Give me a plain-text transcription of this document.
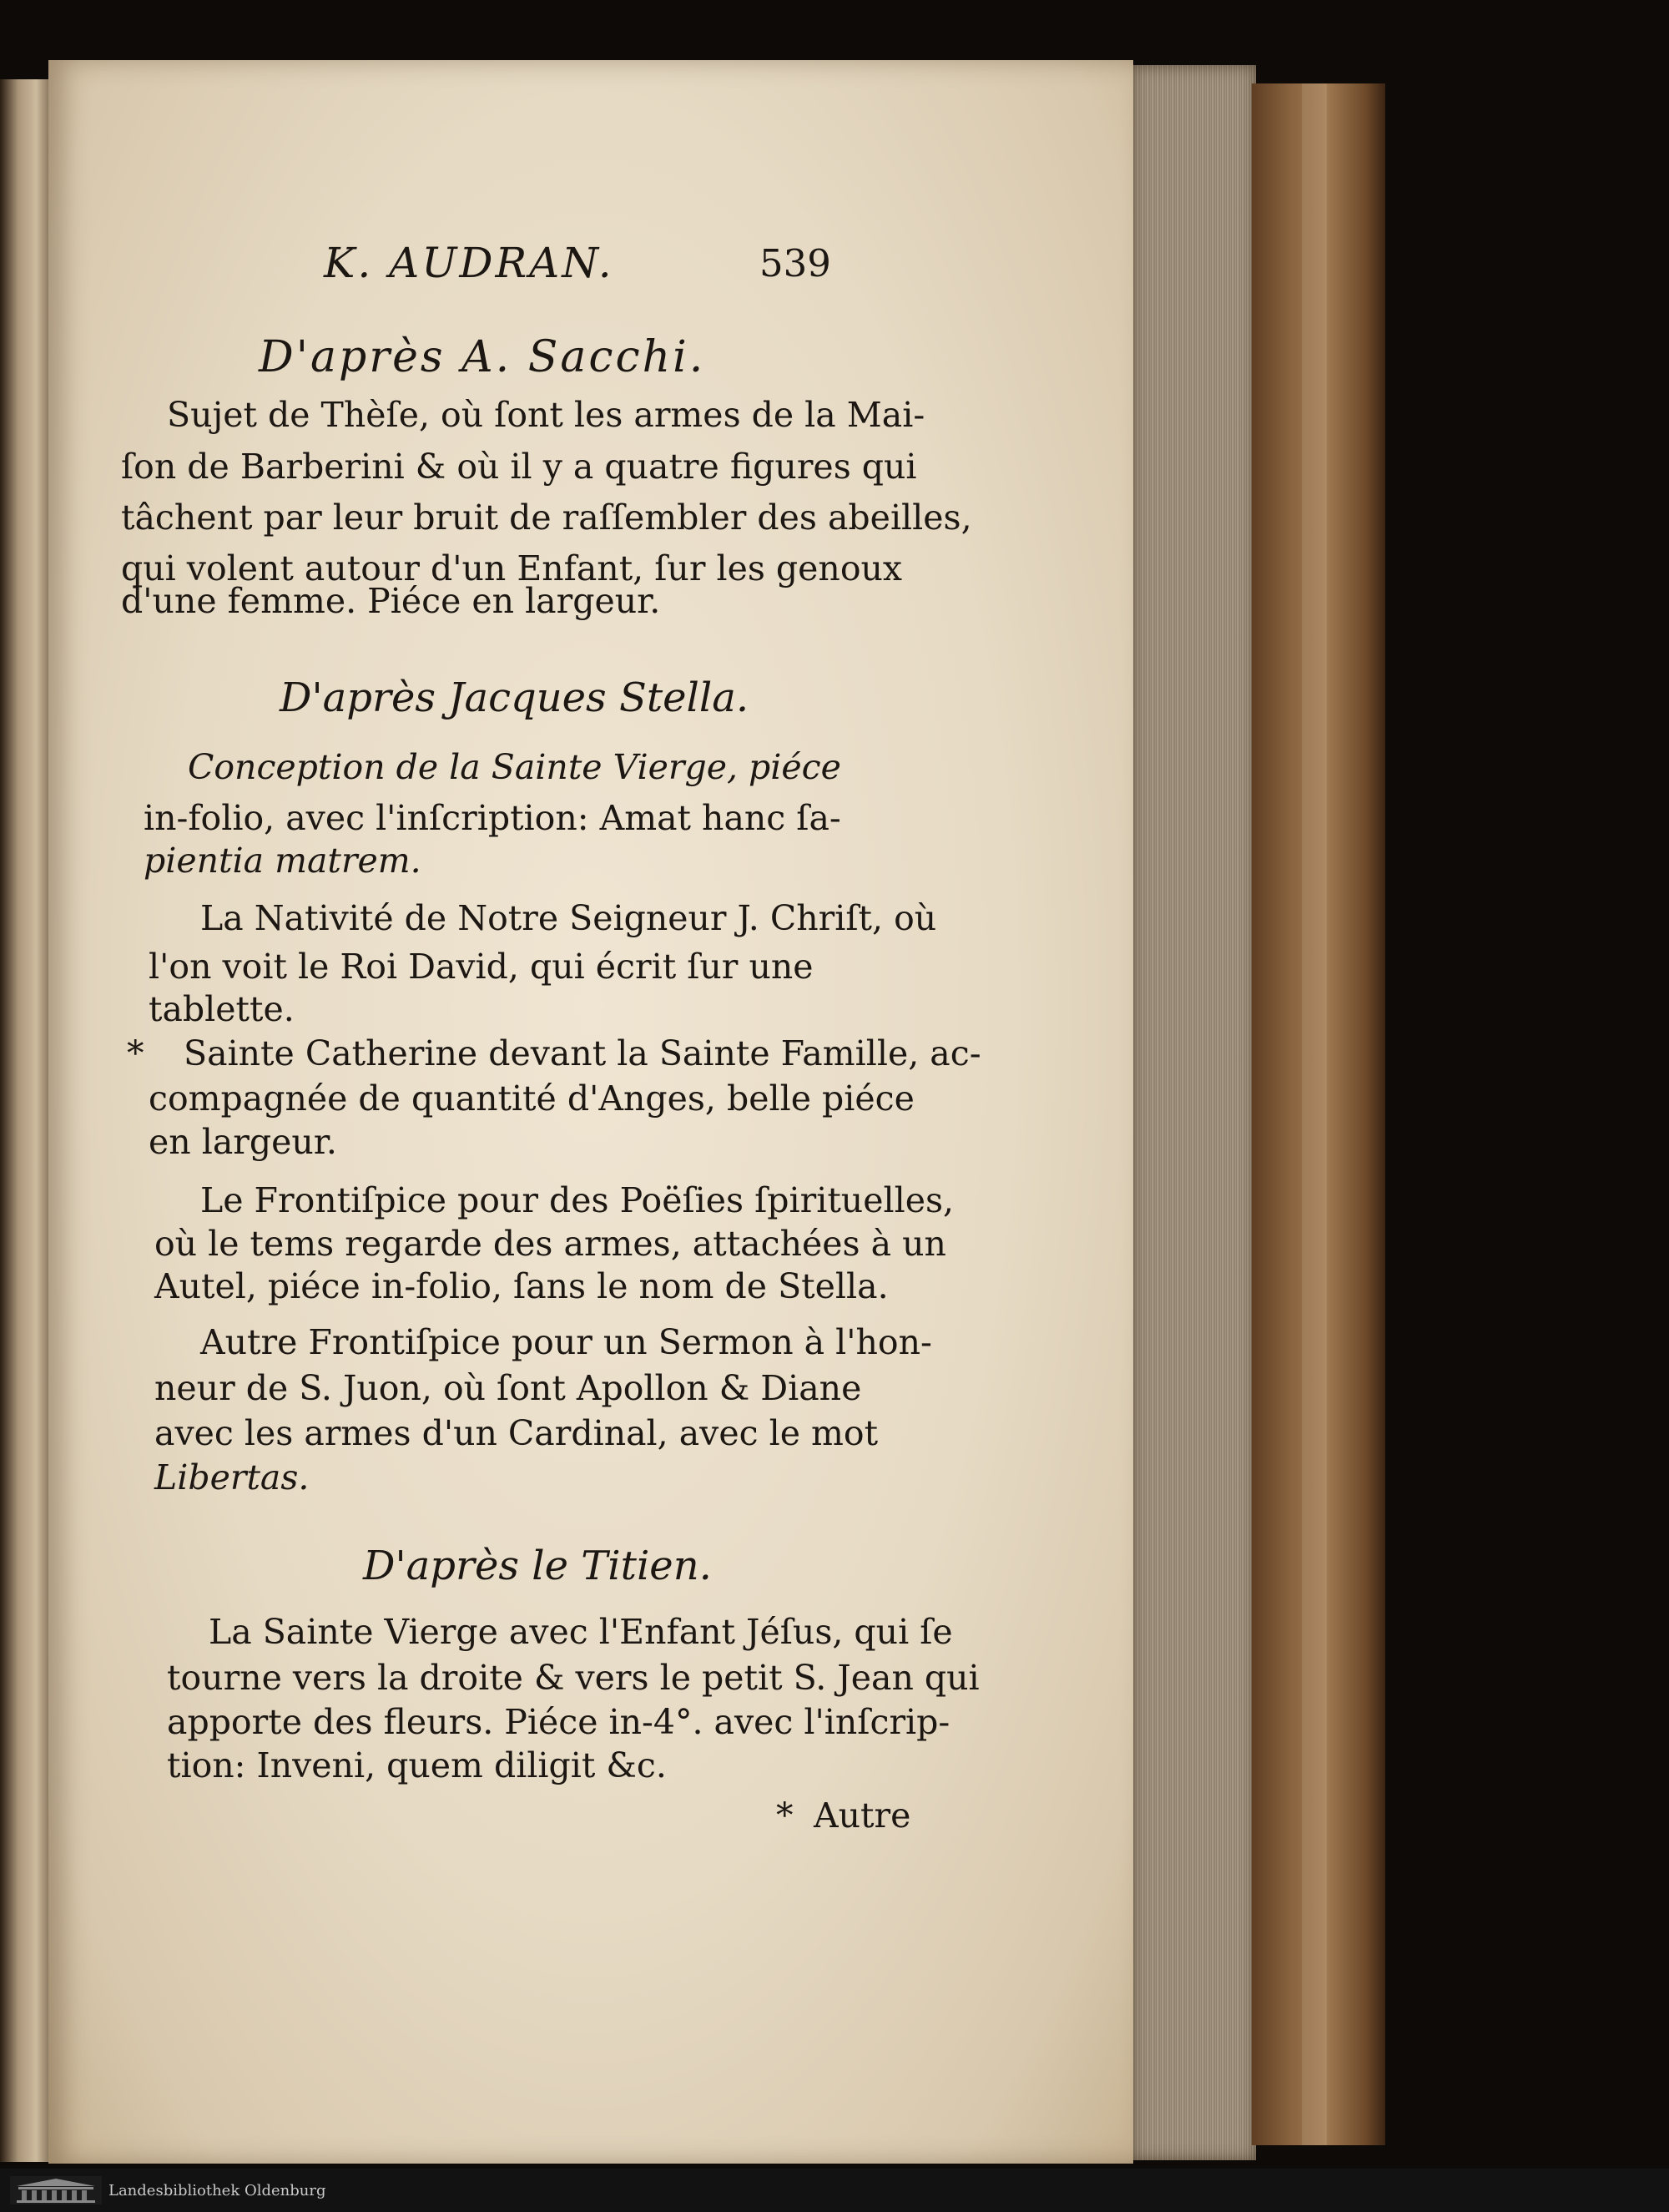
K. AUDRAN.	539
D'après A. Sacchi.
Sujet de Thèſe, où ſont les armes de la Mai-
ſon de Barberini & où il y a quatre figures qui
tâchent par leur bruit de raſſembler des abeilles,
qui volent autour d'un Enfant, ſur les genoux
d'une femme. Piéce en largeur.
D'après Jacques Stella.
Conception de la Sainte Vierge, piéce
in-folio, avec l'inſcription: Amat hanc ſa-
pientia matrem.
La Nativité de Notre Seigneur J. Chriſt, où
l'on voit le Roi David, qui écrit ſur une
tablette.
* Sainte Catherine devant la Sainte Famille, ac-
compagnée de quantité d'Anges, belle piéce
en largeur.
Le Frontiſpice pour des Poëſies ſpirituelles,
où le tems regarde des armes, attachées à un
Autel, piéce in-folio, ſans le nom de Stella.
Autre Frontiſpice pour un Sermon à l'hon-
neur de S. Juon, où ſont Apollon & Diane
avec les armes d'un Cardinal, avec le mot
Libertas.
D'après le Titien.
La Sainte Vierge avec l'Enfant Jéſus, qui ſe
tourne vers la droite & vers le petit S. Jean qui
apporte des fleurs. Piéce in-4°. avec l'inſcrip-
tion: Inveni, quem diligit &c.
* Autre
Landesbibliothek Oldenburg
